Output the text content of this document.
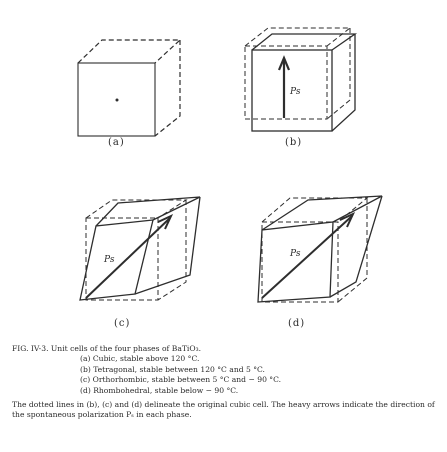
Ps
Ps
Ps
(a)	(b)
(c)	(d)
FIG. IV-3. Unit cells of the four phases of BaTiO₃.
(a) Cubic, stable above 120 °C.
(b) Tetragonal, stable between 120 °C and 5 °C.
(c) Orthorhombic, stable between 5 °C and − 90 °C.
(d) Rhombohedral, stable below − 90 °C.
The dotted lines in (b), (c) and (d) delineate the original cubic cell. The heavy arrows indicate the direction of the spontaneous polarization Pₛ in each phase.
